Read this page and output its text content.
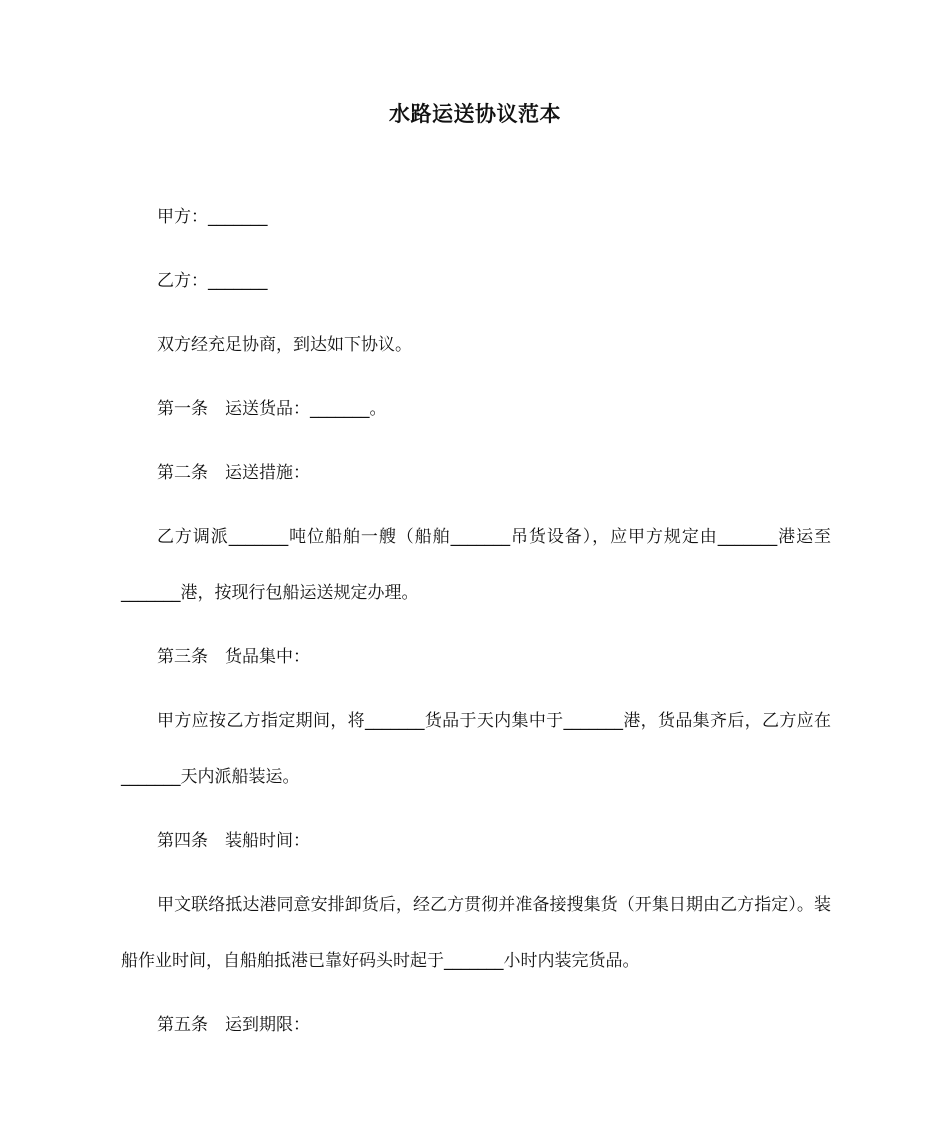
水路运送协议范本

甲方：_______

乙方：_______

双方经充足协商，到达如下协议。

第一条 运送货品：_______。

第二条 运送措施：

乙方调派_______吨位船舶一艘（船舶_______吊货设备），应甲方规定由_______港运至_______港，按现行包船运送规定办理。

第三条 货品集中：

甲方应按乙方指定期间，将_______货品于天内集中于_______港，货品集齐后，乙方应在_______天内派船装运。

第四条 装船时间：

甲文联络抵达港同意安排卸货后，经乙方贯彻并准备接搜集货（开集日期由乙方指定）。装船作业时间，自船舶抵港已靠好码头时起于_______小时内装完货品。

第五条 运到期限：
